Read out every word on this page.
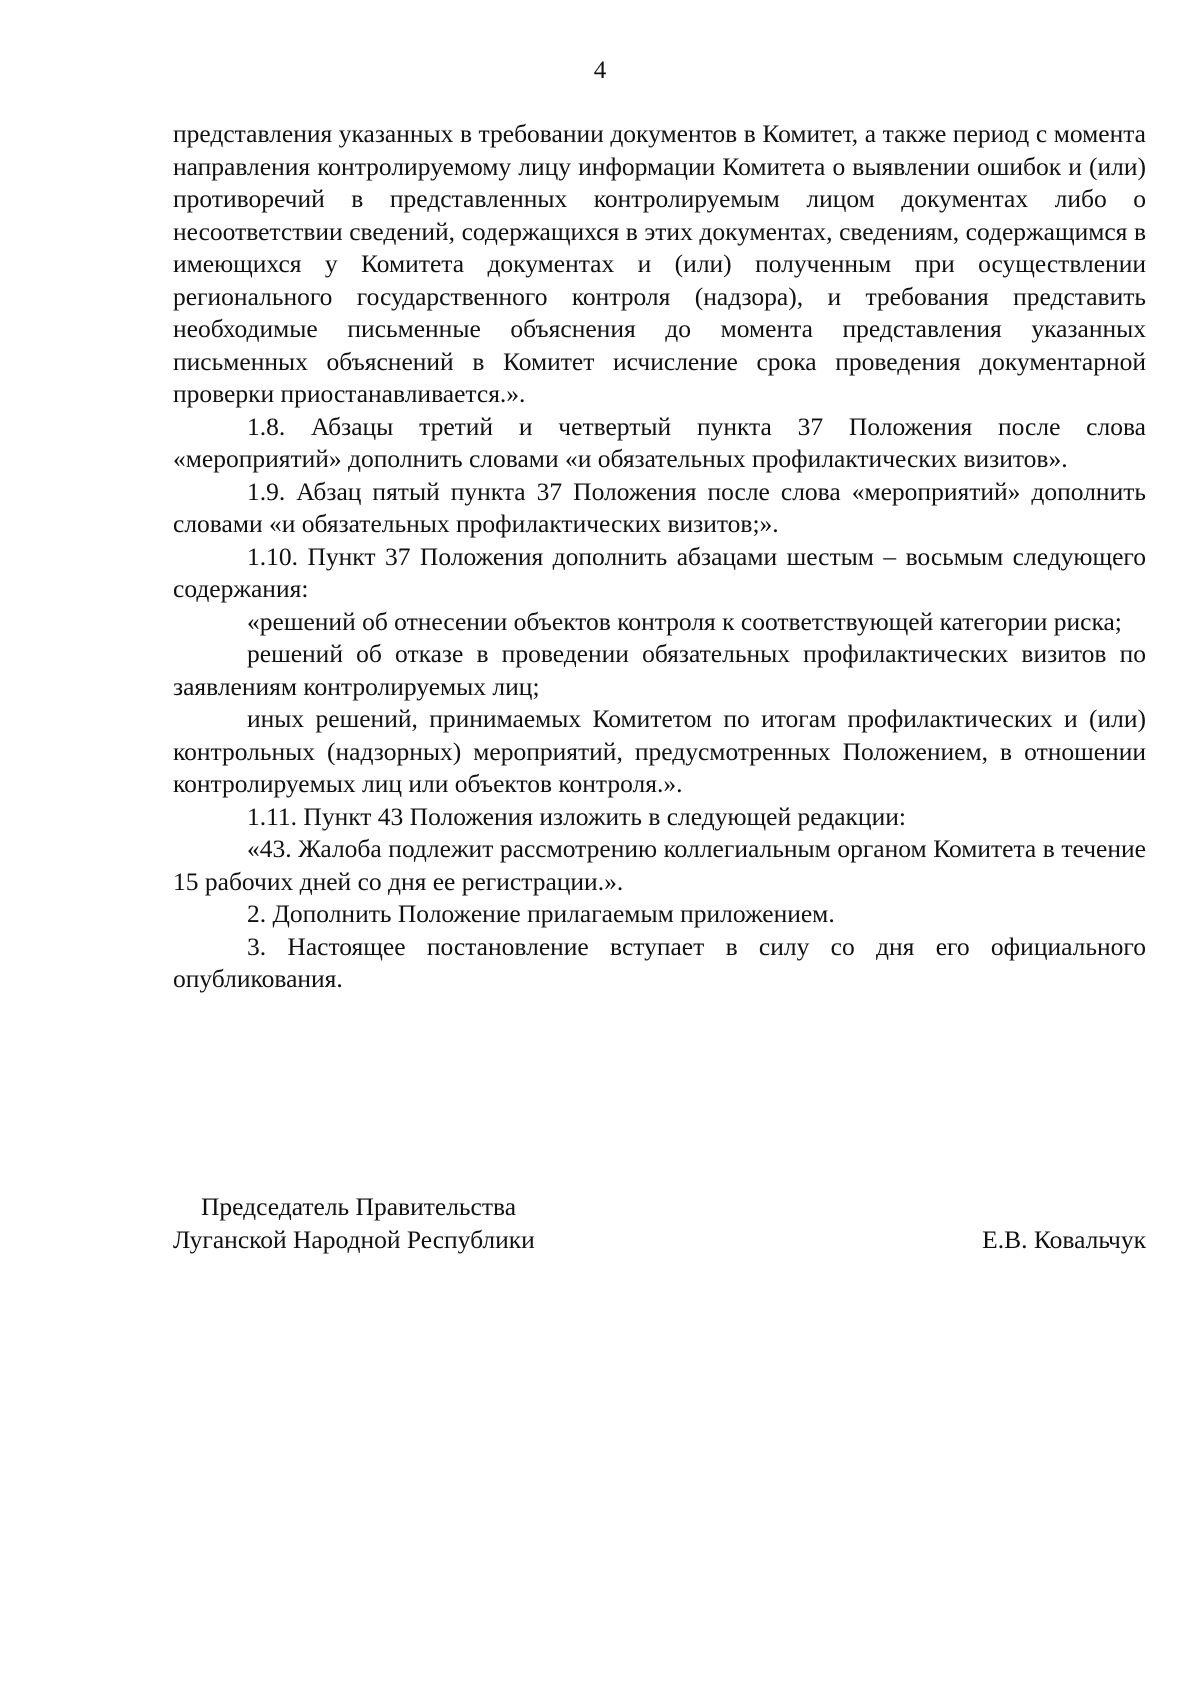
4

представления указанных в требовании документов в Комитет, а также период с момента направления контролируемому лицу информации Комитета о выявлении ошибок и (или) противоречий в представленных контролируемым лицом документах либо о несоответствии сведений, содержащихся в этих документах, сведениям, содержащимся в имеющихся у Комитета документах и (или) полученным при осуществлении регионального государственного контроля (надзора), и требования представить необходимые письменные объяснения до момента представления указанных письменных объяснений в Комитет исчисление срока проведения документарной проверки приостанавливается.».

1.8. Абзацы третий и четвертый пункта 37 Положения после слова «мероприятий» дополнить словами «и обязательных профилактических визитов».

1.9. Абзац пятый пункта 37 Положения после слова «мероприятий» дополнить словами «и обязательных профилактических визитов;».

1.10. Пункт 37 Положения дополнить абзацами шестым – восьмым следующего содержания:

«решений об отнесении объектов контроля к соответствующей категории риска;

решений об отказе в проведении обязательных профилактических визитов по заявлениям контролируемых лиц;

иных решений, принимаемых Комитетом по итогам профилактических и (или) контрольных (надзорных) мероприятий, предусмотренных Положением, в отношении контролируемых лиц или объектов контроля.».

1.11. Пункт 43 Положения изложить в следующей редакции:

«43. Жалоба подлежит рассмотрению коллегиальным органом Комитета в течение 15 рабочих дней со дня ее регистрации.».

2. Дополнить Положение прилагаемым приложением.

3. Настоящее постановление вступает в силу со дня его официального опубликования.

Председатель Правительства
Луганской Народной Республики	Е.В. Ковальчук
